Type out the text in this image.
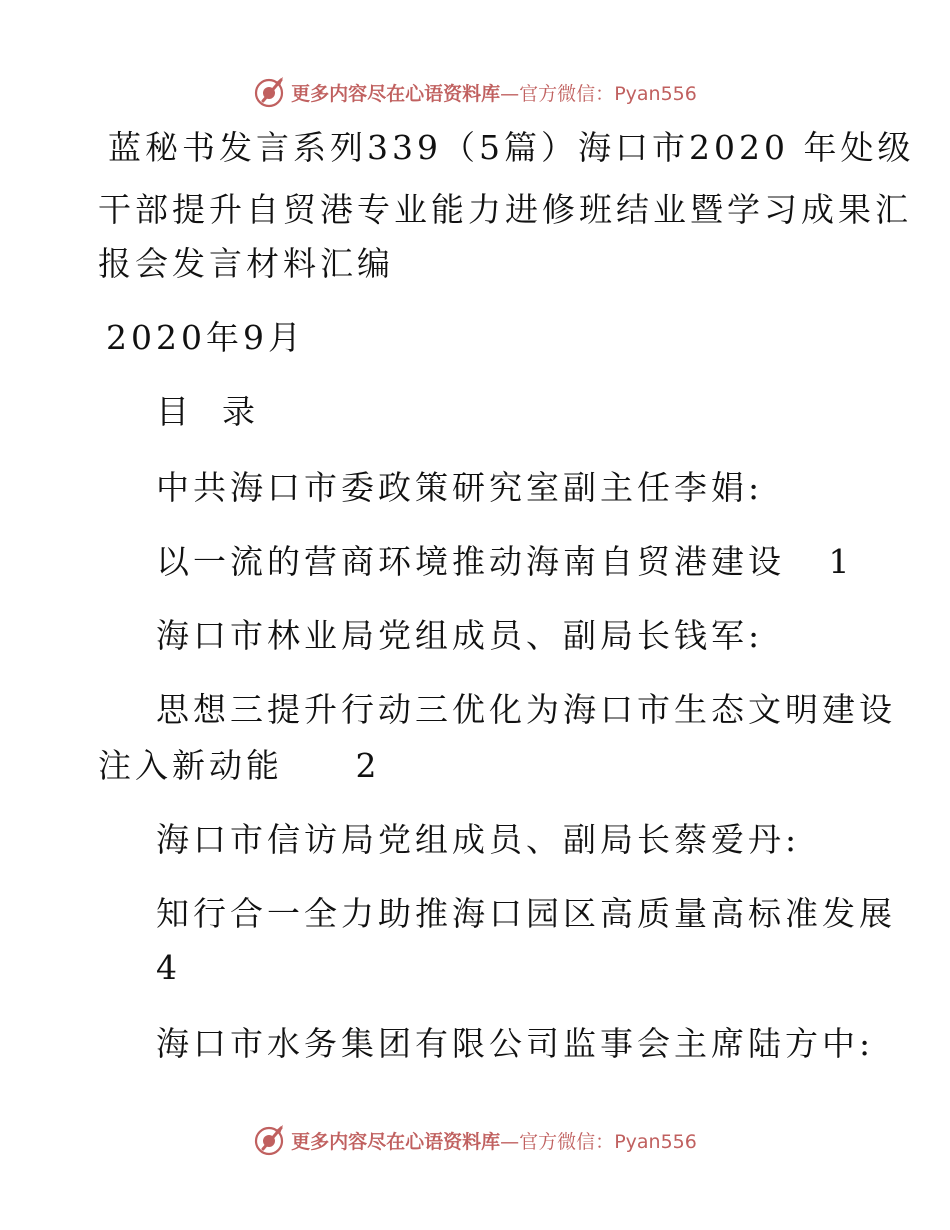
更多内容尽在心语资料库—官方微信：Pyan556
蓝秘书发言系列339（5篇）海口市2020 年处级
干部提升自贸港专业能力进修班结业暨学习成果汇
报会发言材料汇编
2020年9月
目  录
中共海口市委政策研究室副主任李娟:
以一流的营商环境推动海南自贸港建设   1
海口市林业局党组成员、副局长钱军:
思想三提升行动三优化为海口市生态文明建设
注入新动能     2
海口市信访局党组成员、副局长蔡爱丹:
知行合一全力助推海口园区高质量高标准发展
4
海口市水务集团有限公司监事会主席陆方中:
更多内容尽在心语资料库—官方微信：Pyan556
